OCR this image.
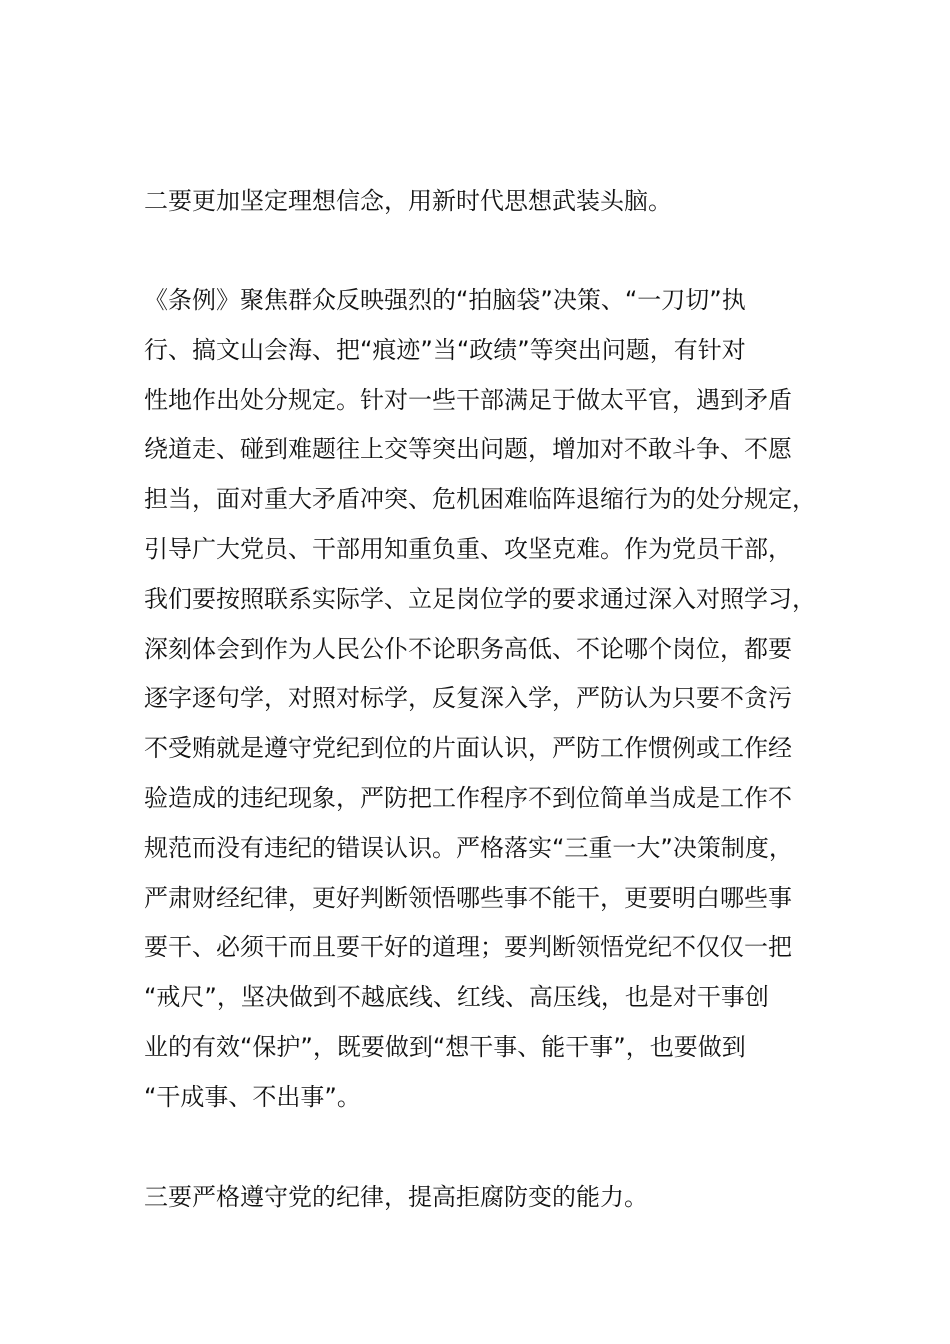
二要更加坚定理想信念，用新时代思想武装头脑。

《条例》聚焦群众反映强烈的“拍脑袋”决策、“一刀切”执
行、搞文山会海、把“痕迹”当“政绩”等突出问题，有针对
性地作出处分规定。针对一些干部满足于做太平官，遇到矛盾
绕道走、碰到难题往上交等突出问题，增加对不敢斗争、不愿
担当，面对重大矛盾冲突、危机困难临阵退缩行为的处分规定，
引导广大党员、干部用知重负重、攻坚克难。作为党员干部，
我们要按照联系实际学、立足岗位学的要求通过深入对照学习，
深刻体会到作为人民公仆不论职务高低、不论哪个岗位，都要
逐字逐句学，对照对标学，反复深入学，严防认为只要不贪污
不受贿就是遵守党纪到位的片面认识，严防工作惯例或工作经
验造成的违纪现象，严防把工作程序不到位简单当成是工作不
规范而没有违纪的错误认识。严格落实“三重一大”决策制度，
严肃财经纪律，更好判断领悟哪些事不能干，更要明白哪些事
要干、必须干而且要干好的道理；要判断领悟党纪不仅仅一把
“戒尺”，坚决做到不越底线、红线、高压线，也是对干事创
业的有效“保护”，既要做到“想干事、能干事”，也要做到
“干成事、不出事”。

三要严格遵守党的纪律，提高拒腐防变的能力。
